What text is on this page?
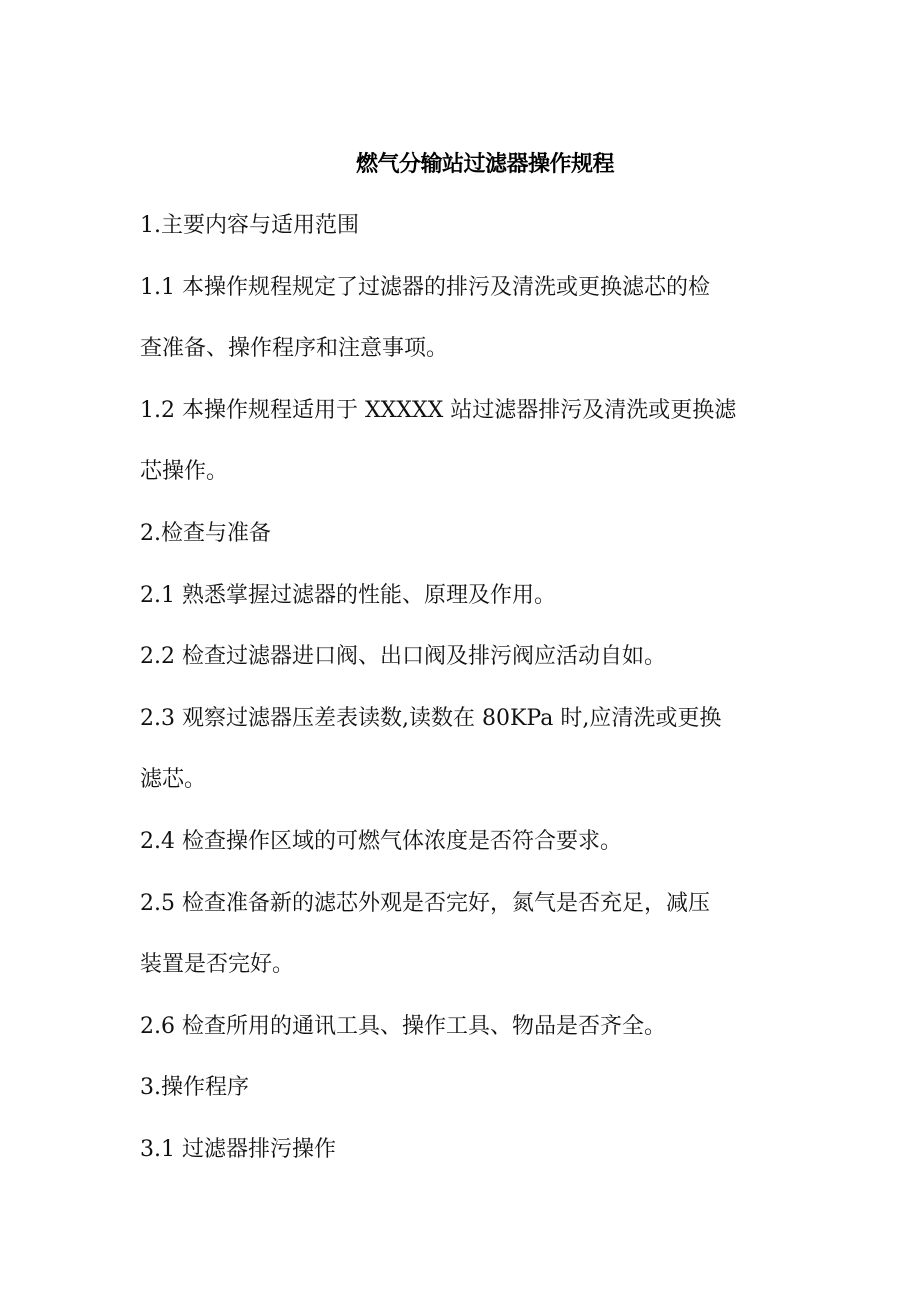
燃气分输站过滤器操作规程
1.主要内容与适用范围
1.1 本操作规程规定了过滤器的排污及清洗或更换滤芯的检
查准备、操作程序和注意事项。
1.2 本操作规程适用于 XXXXX 站过滤器排污及清洗或更换滤
芯操作。
2.检查与准备
2.1 熟悉掌握过滤器的性能、原理及作用。
2.2 检查过滤器进口阀、出口阀及排污阀应活动自如。
2.3 观察过滤器压差表读数,读数在 80KPa 时,应清洗或更换
滤芯。
2.4 检查操作区域的可燃气体浓度是否符合要求。
2.5 检查准备新的滤芯外观是否完好，氮气是否充足，减压
装置是否完好。
2.6 检查所用的通讯工具、操作工具、物品是否齐全。
3.操作程序
3.1 过滤器排污操作
